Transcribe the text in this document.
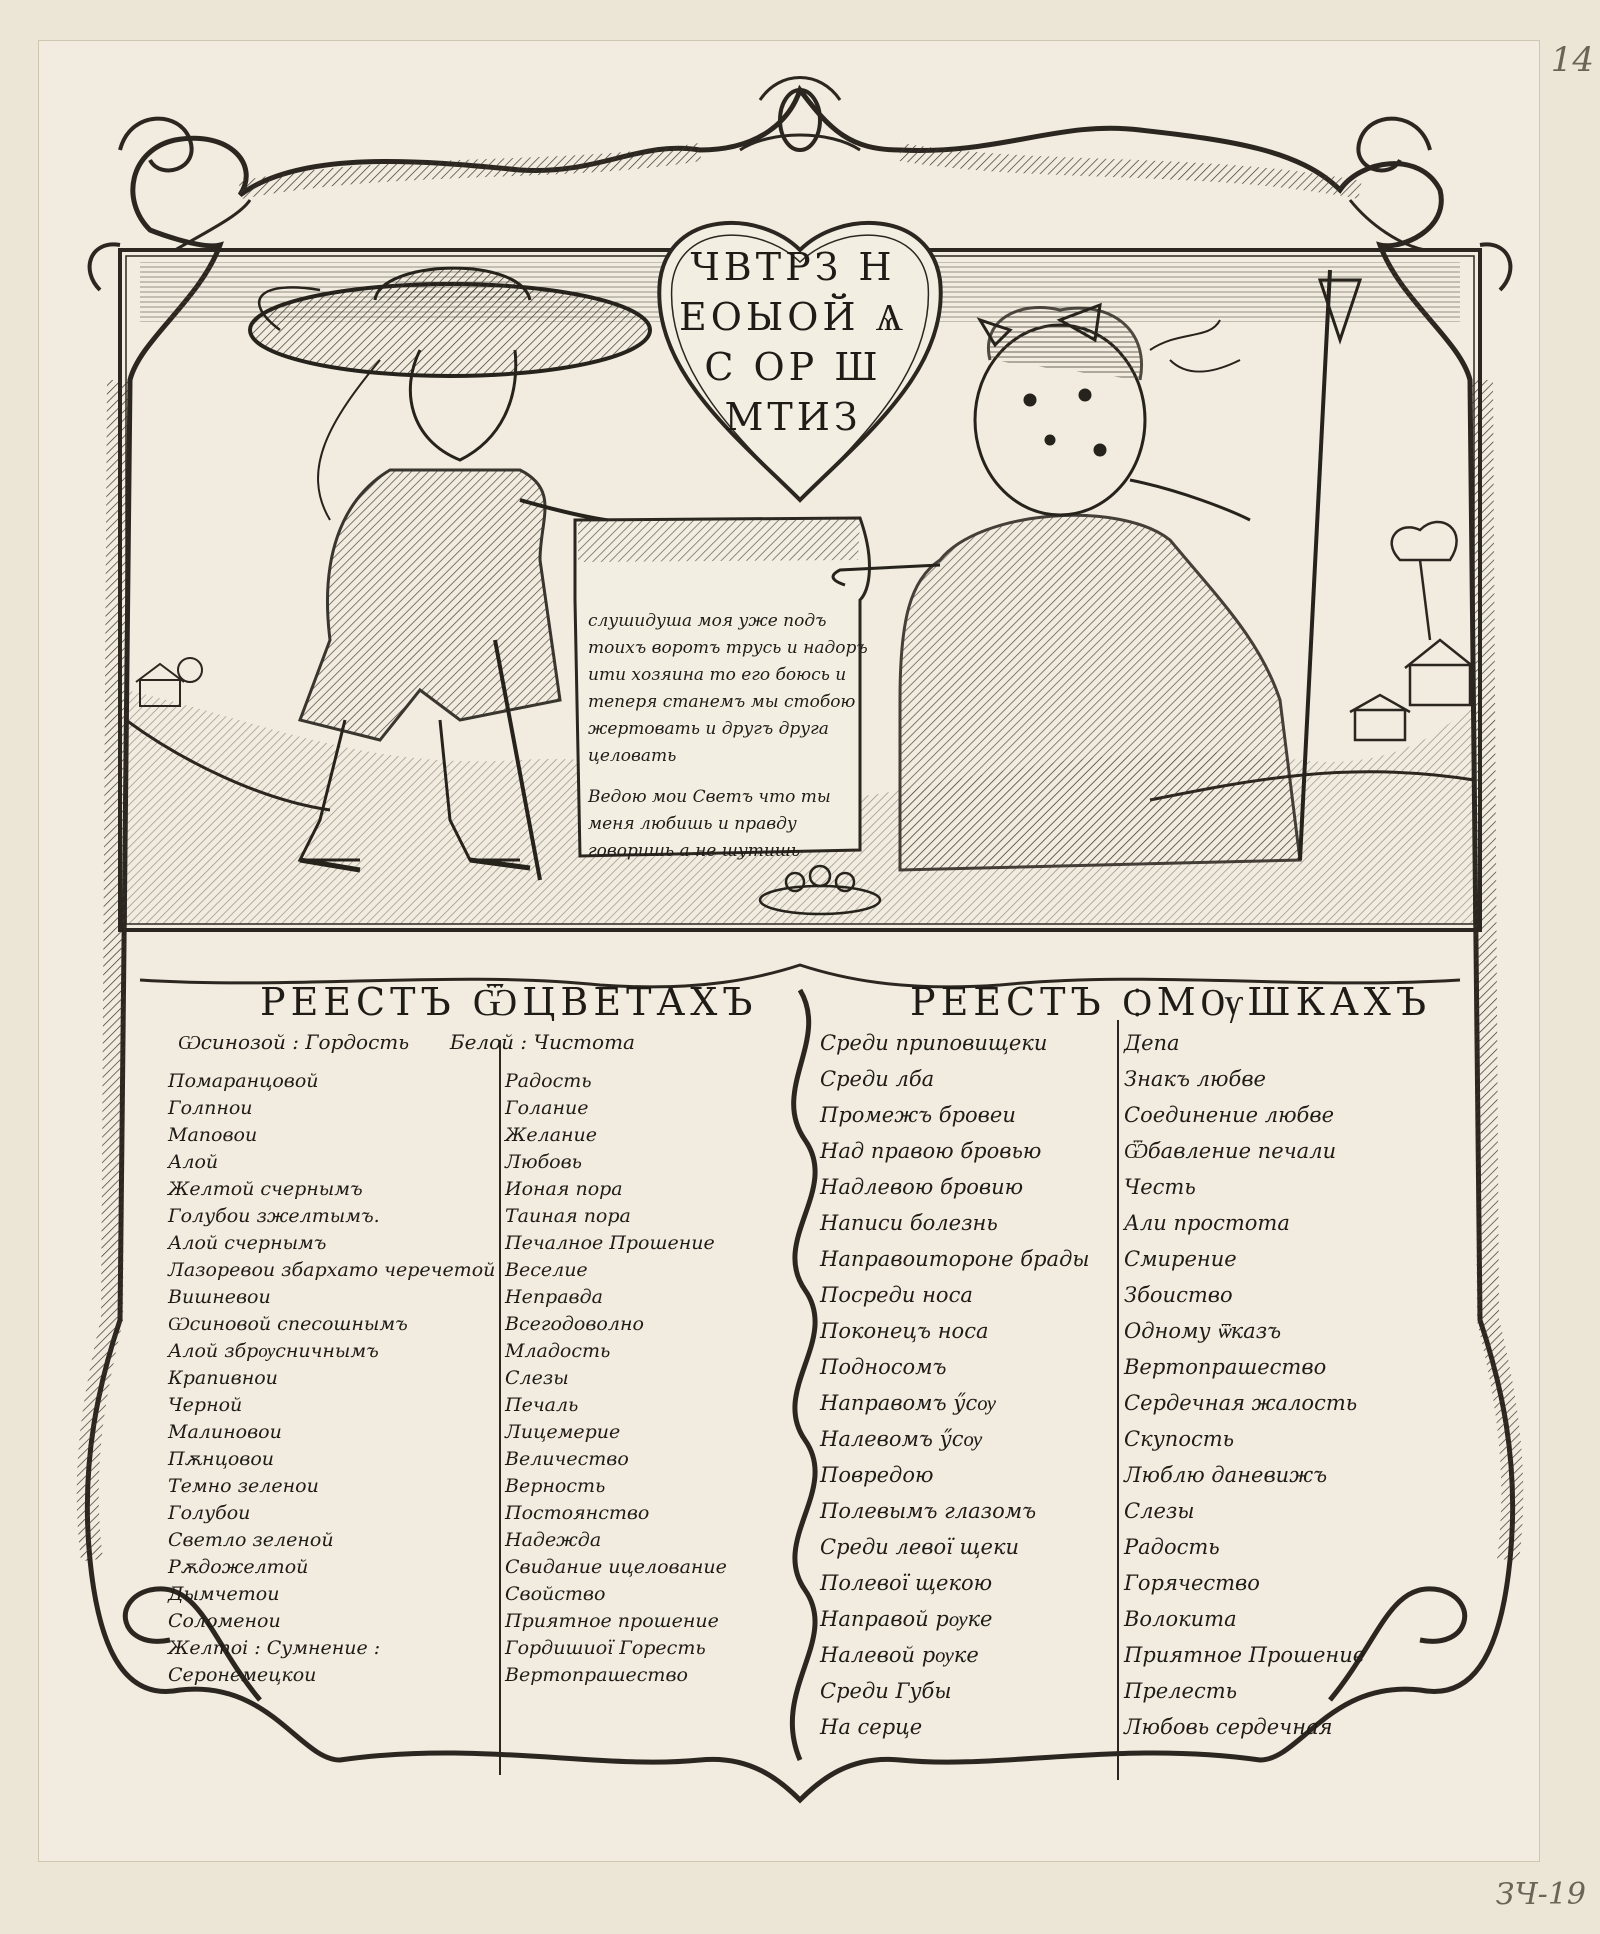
14
ЗЧ-19
ЧВТРЗ Н
ЕОЫОЙ Ѧ
С ОР Ш
МТИЗ

слушидуша моя уже подъ тоихъ воротъ трусь и надоръ ити хозяина то его боюсь и теперя станемъ мы стобою жертовать и другъ друга целовать

Ведою мои Светъ что ты меня любишь и правду говоришь а не шутишь

РЕЕСТЪ ѾЦВЕТАХЪ	РЕЕСТЪ ѺМѸШКАХЪ
Ѡсинозой : Гордость Белой : Чистота
Помаранцовой
Голпнои
Маповои
Алой
Желтой счернымъ
Голубои зжелтымъ.
Алой счернымъ
Лазоревои збархато черечетой
Вишневои
Ѡсиновой спесошнымъ
Алой збрѹсничнымъ
Крапивнои
Черной
Малиновои
Пѫнцовои
Темно зеленои
Голубои
Светло зеленой
Рѫдожелтой
Дымчетои
Соломенои
Желтоі : Сумнение :
Серонемецкои
Радость
Голание
Желание
Любовь
Ионая пора
Таиная пора
Печалное Прошение
Веселие
Неправда
Всегодоволно
Младость
Слезы
Печаль
Лицемерие
Величество
Верность
Постоянство
Надежда
Свидание ицелование
Свойство
Приятное прошение
Гордишиої Горесть
Вертопрашество
Среди приповищеки
Среди лба
Промежъ бровеи
Над правою бровью
Надлевою бровию
Написи болезнь
Направоиторонe брады
Посреди носа
Поконецъ носа
Подносомъ
Направомъ ӳсѹ
Налевомъ ӳсѹ
Повредою
Полевымъ глазомъ
Среди левої щеки
Полевої щекою
Направой рѹке
Налевой рѹке
Среди Губы
На серце
Депа
Знакъ любве
Соединение любве
Ѿбавление печали
Честь
Али простота
Смирение
Збоиство
Одному ѿказъ
Вертопрашество
Сердечная жалость
Скупость
Люблю даневижъ
Слезы
Радость
Горячество
Волокита
Приятное Прошение
Прелесть
Любовь сердечная
